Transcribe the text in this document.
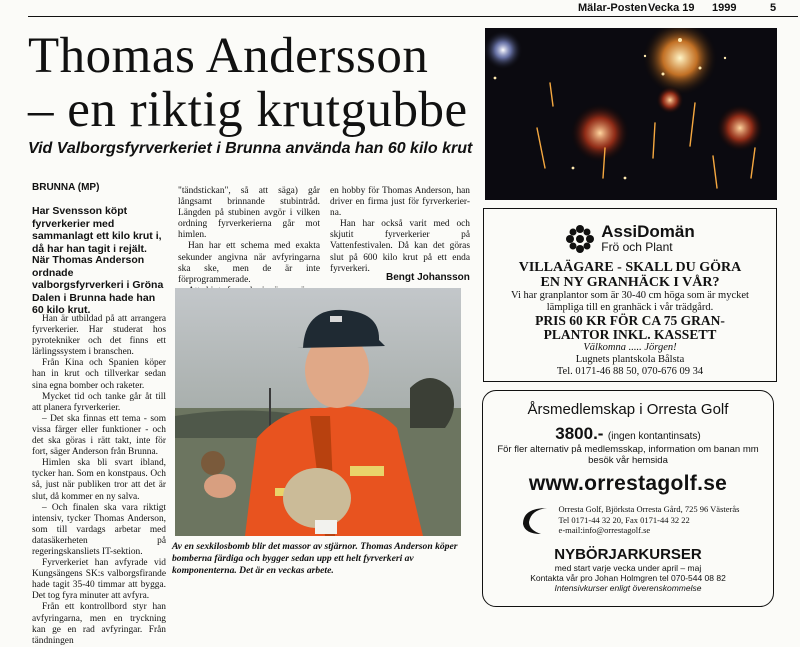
Mälar-Posten Vecka 19 1999	5
Thomas Andersson
– en riktig krutgubbe
Vid Valborgsfyrverkeriet i Brunna använda han 60 kilo krut
BRUNNA (MP)
Har Svensson köpt fyrverkerier med sammanlagt ett kilo krut i, då har han tagit i rejält.
När Thomas Anderson ordnade valborgsfyrverkeri i Gröna Dalen i Brunna hade han 60 kilo krut.

Han är utbildad på att arrangera fyrverkerier. Har studerat hos pyrotekniker och det finns ett lärlingssystem i branschen.

Från Kina och Spanien köper han in krut och tillverkar sedan sina egna bomber och raketer.

Mycket tid och tanke går åt till att planera fyrverkerier.

– Det ska finnas ett tema - som vissa färger eller funktioner - och det ska göras i rätt takt, inte för fort, säger Anderson från Brunna.

Himlen ska bli svart ibland, tycker han. Som en konstpaus. Och så, just när publiken tror att det är slut, då kommer en ny salva.

– Och finalen ska vara riktigt intensiv, tycker Thomas Anderson, som till vardags arbetar med datasäkerheten på regeringskansliets IT-sektion.

Fyrverkeriet han avfyrade vid Kungsängens SK:s valborgsfirande hade tagit 35-40 timmar att bygga. Det tog fyra minuter att avfyra.

Från ett kontrollbord styr han avfyringarna, men en tryckning kan ge en rad avfyringar. Från tändningen

"tändstickan", så att säga) går långsamt brinnande stubintråd. Längden på stubinen avgör i vilken ordning fyrverkerierna går mot himlen.

Han har ett schema med exakta sekunder angivna när avfyringarna ska ske, men de är inte förprogrammerade.

en hobby för Thomas Anderson, han driver en firma just för fyrverkerier-na.

Han har också varit med och skjutit fyrverkerier på Vattenfestivalen. Då kan det göras slut på 600 kilo krut på ett enda fyrverkeri.

Bengt Johansson
Av en sexkilosbomb blir det massor av stjärnor. Thomas Anderson köper bomberna färdiga och bygger sedan upp ett helt fyrverkeri av komponenterna. Det är en veckas arbete.
AssiDomän
Frö och Plant
VILLAÄGARE - SKALL DU GÖRA
EN NY GRANHÄCK I VÅR?
Vi har granplantor som är 30-40 cm höga som är mycket
lämpliga till en granhäck i vår trädgård.
PRIS 60 KR FÖR CA 75 GRAN-
PLANTOR INKL. KASSETT
Välkomna ..... Jörgen!
Lugnets plantskola Bålsta
Tel. 0171-46 88 50, 070-676 09 34
Årsmedlemskap i Orresta Golf
3800.- (ingen kontantinsats)
För fler alternativ på medlemsskap, information om banan mm
besök vår hemsida
www.orrestagolf.se
Orresta Golf, Björksta Orresta Gård, 725 96 Västerås
Tel 0171-44 32 20, Fax 0171-44 32 22
e-mail:info@orrestagolf.se
NYBÖRJARKURSER
med start varje vecka under april – maj
Kontakta vår pro Johan Holmgren tel 070-544 08 82
Intensivkurser enligt överenskommelse
